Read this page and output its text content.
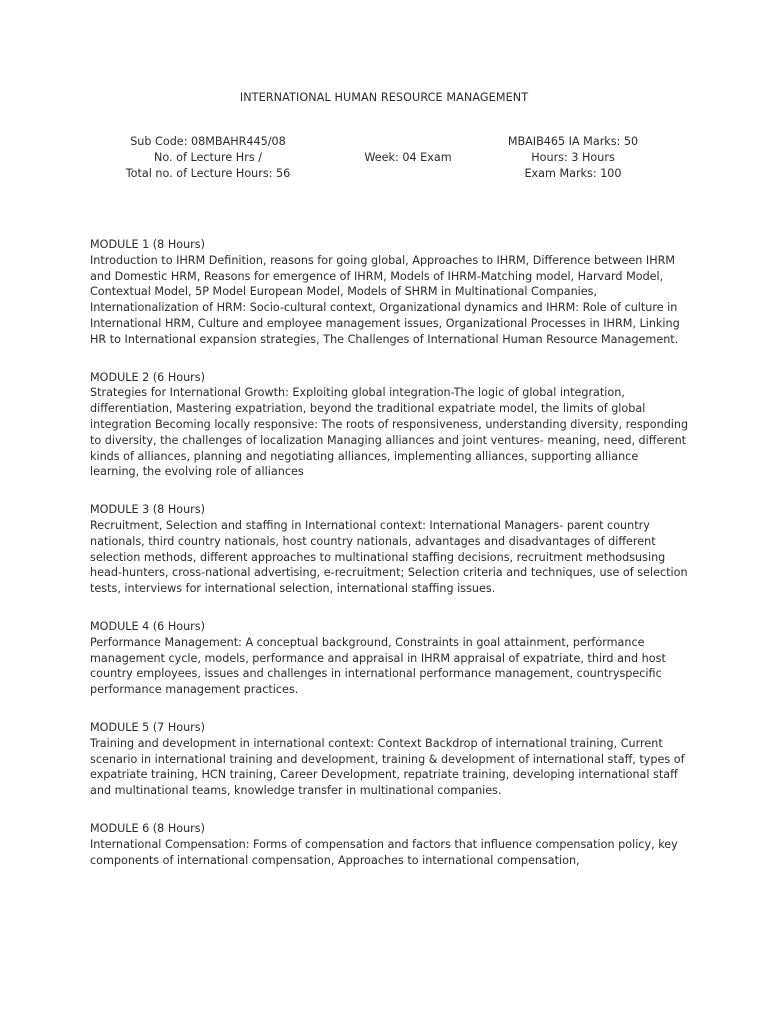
INTERNATIONAL HUMAN RESOURCE MANAGEMENT
Sub Code: 08MBAHR445/08
No. of Lecture Hrs /
Total no. of Lecture Hours: 56
Week: 04 Exam
MBAIB465 IA Marks: 50
Hours: 3 Hours
Exam Marks: 100
MODULE 1 (8 Hours)
Introduction to IHRM Definition, reasons for going global, Approaches to IHRM, Difference between IHRM and Domestic HRM, Reasons for emergence of IHRM, Models of IHRM-Matching model, Harvard Model, Contextual Model, 5P Model European Model, Models of SHRM in Multinational Companies, Internationalization of HRM: Socio-cultural context, Organizational dynamics and IHRM: Role of culture in International HRM, Culture and employee management issues, Organizational Processes in IHRM, Linking HR to International expansion strategies, The Challenges of International Human Resource Management.
MODULE 2 (6 Hours)
Strategies for International Growth: Exploiting global integration-The logic of global integration, differentiation, Mastering expatriation, beyond the traditional expatriate model, the limits of global integration Becoming locally responsive: The roots of responsiveness, understanding diversity, responding to diversity, the challenges of localization Managing alliances and joint ventures- meaning, need, different kinds of alliances, planning and negotiating alliances, implementing alliances, supporting alliance learning, the evolving role of alliances
MODULE 3 (8 Hours)
Recruitment, Selection and staffing in International context: International Managers- parent country nationals, third country nationals, host country nationals, advantages and disadvantages of different selection methods, different approaches to multinational staffing decisions, recruitment methodsusing head-hunters, cross-national advertising, e-recruitment; Selection criteria and techniques, use of selection tests, interviews for international selection, international staffing issues.
MODULE 4 (6 Hours)
Performance Management: A conceptual background, Constraints in goal attainment, performance management cycle, models, performance and appraisal in IHRM appraisal of expatriate, third and host country employees, issues and challenges in international performance management, countryspecific performance management practices.
MODULE 5 (7 Hours)
Training and development in international context: Context Backdrop of international training, Current scenario in international training and development, training & development of international staff, types of expatriate training, HCN training, Career Development, repatriate training, developing international staff and multinational teams, knowledge transfer in multinational companies.
MODULE 6 (8 Hours)
International Compensation: Forms of compensation and factors that influence compensation policy, key components of international compensation, Approaches to international compensation,
